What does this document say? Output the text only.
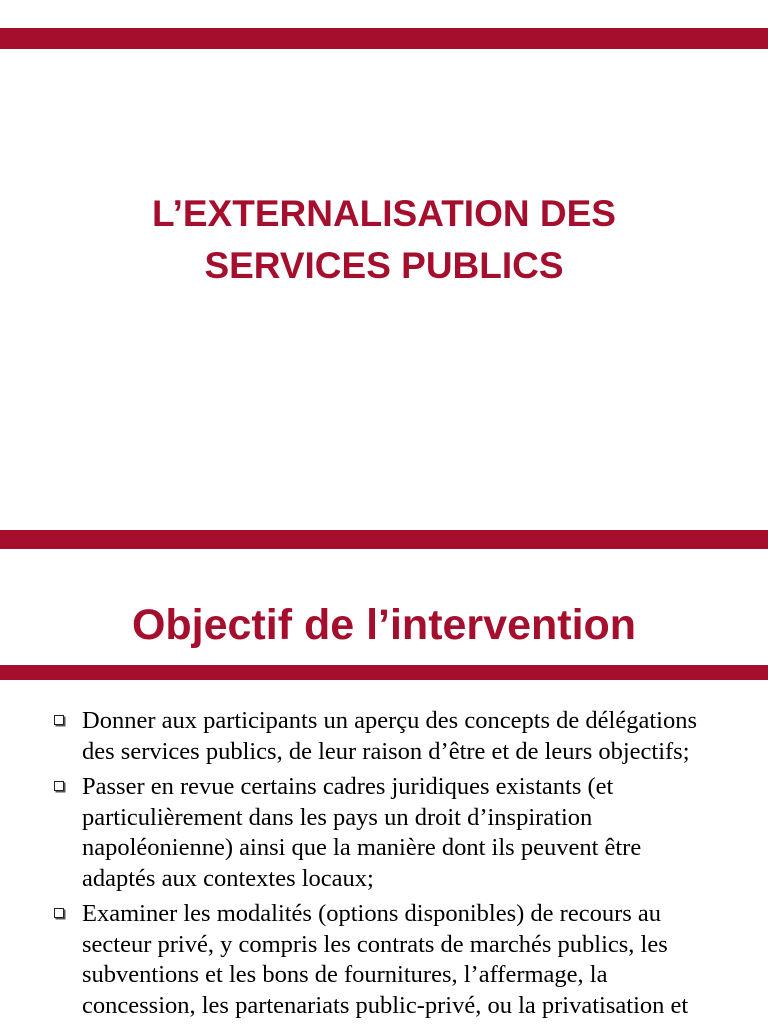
L’EXTERNALISATION DES
SERVICES PUBLICS
Objectif de l’intervention
Donner aux participants un aperçu des concepts de délégations
des services publics, de leur raison d’être et de leurs objectifs;
Passer en revue certains cadres juridiques existants (et
particulièrement dans les pays un droit d’inspiration
napoléonienne) ainsi que la manière dont ils peuvent être
adaptés aux contextes locaux;
Examiner les modalités (options disponibles) de recours au
secteur privé, y compris les contrats de marchés publics, les
subventions et les bons de fournitures, l’affermage, la
concession, les partenariats public-privé, ou la privatisation et
